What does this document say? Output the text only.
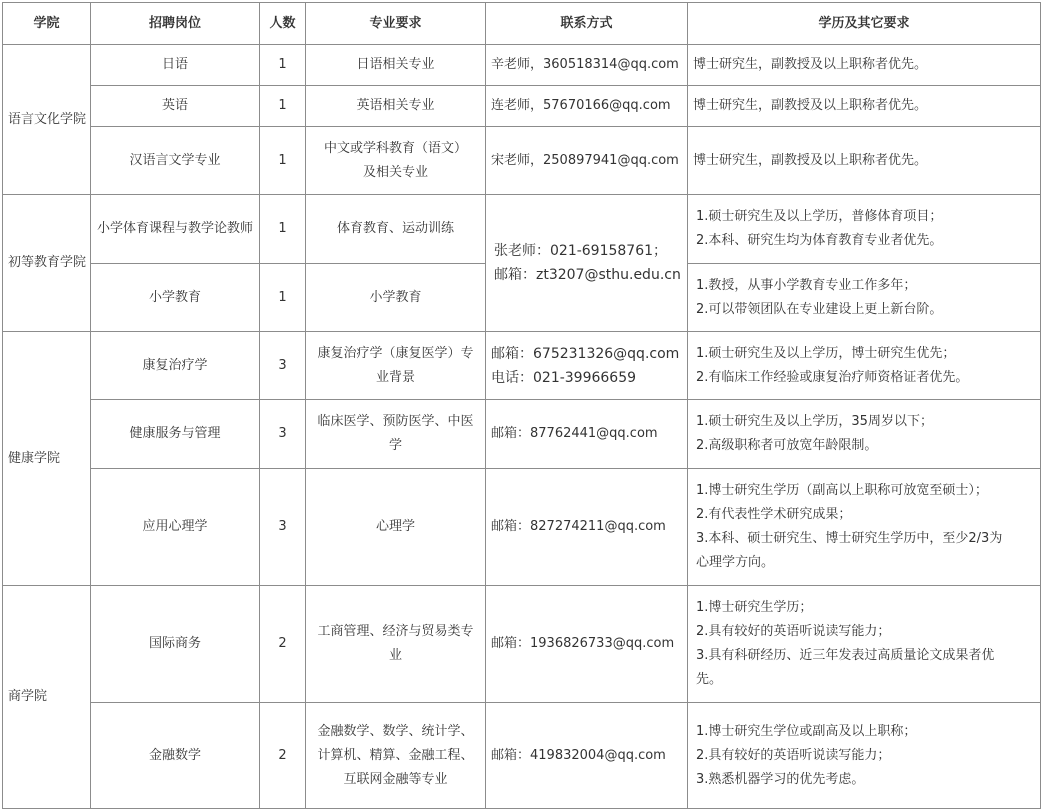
学院	招聘岗位	人数	专业要求	联系方式	学历及其它要求
语言文化学院	日语	1	日语相关专业	辛老师，360518314@qq.com	博士研究生，副教授及以上职称者优先。

	英语	1	英语相关专业	连老师，57670166@qq.com	博士研究生，副教授及以上职称者优先。

	汉语言文学专业	1	中文或学科教育（语文）
及相关专业	宋老师，250897941@qq.com	博士研究生，副教授及以上职称者优先。

初等教育学院	小学体育课程与教学论教师	1	体育教育、运动训练	张老师：021-69158761；
邮箱：zt3207@sthu.edu.cn	1.硕士研究生及以上学历，普修体育项目；
2.本科、研究生均为体育教育专业者优先。

	小学教育	1	小学教育		1.教授，从事小学教育专业工作多年；
2.可以带领团队在专业建设上更上新台阶。

健康学院	康复治疗学	3	康复治疗学（康复医学）专
业背景	邮箱：675231326@qq.com
电话：021-39966659	1.硕士研究生及以上学历，博士研究生优先；
2.有临床工作经验或康复治疗师资格证者优先。

	健康服务与管理	3	临床医学、预防医学、中医
学	邮箱：87762441@qq.com	1.硕士研究生及以上学历，35周岁以下；
2.高级职称者可放宽年龄限制。

	应用心理学	3	心理学	邮箱：827274211@qq.com	1.博士研究生学历（副高以上职称可放宽至硕士）；
2.有代表性学术研究成果；
3.本科、硕士研究生、博士研究生学历中，至少2/3为
心理学方向。

商学院	国际商务	2	工商管理、经济与贸易类专
业	邮箱：1936826733@qq.com	1.博士研究生学历；
2.具有较好的英语听说读写能力；
3.具有科研经历、近三年发表过高质量论文成果者优
先。

	金融数学	2	金融数学、数学、统计学、
计算机、精算、金融工程、
互联网金融等专业	邮箱：419832004@qq.com	1.博士研究生学位或副高及以上职称；
2.具有较好的英语听说读写能力；
3.熟悉机器学习的优先考虑。
